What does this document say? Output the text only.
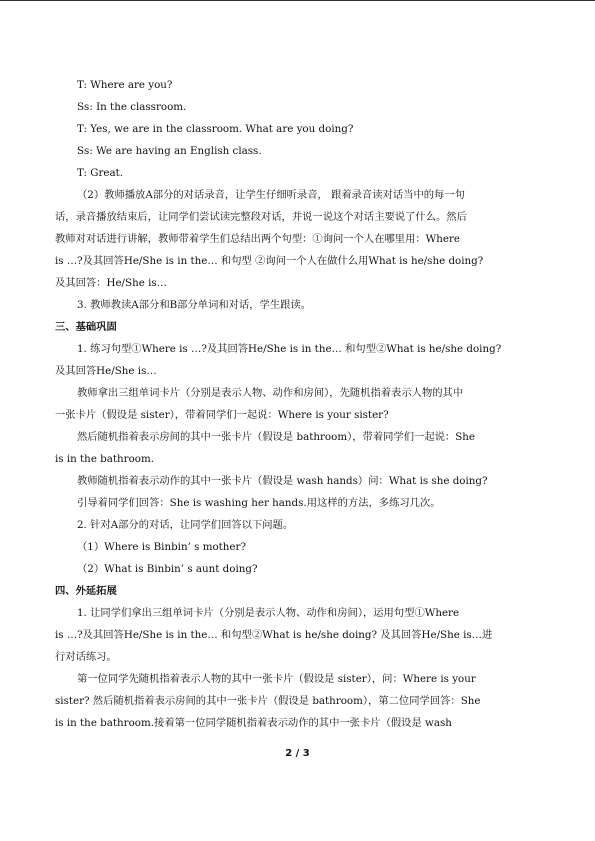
T: Where are you?

Ss: In the classroom.

T: Yes, we are in the classroom. What are you doing?

Ss: We are having an English class.

T: Great.

（2）教师播放A部分的对话录音，让学生仔细听录音， 跟着录音读对话当中的每一句

话，录音播放结束后，让同学们尝试读完整段对话，并说一说这个对话主要说了什么。然后

教师对对话进行讲解，教师带着学生们总结出两个句型：①询问一个人在哪里用：Where

is …?及其回答He/She is in the… 和句型 ②询问一个人在做什么用What is he/she doing?

及其回答：He/She is…

3. 教师教读A部分和B部分单词和对话，学生跟读。

三、基础巩固

1. 练习句型①Where is …?及其回答He/She is in the… 和句型②What is he/she doing?

及其回答He/She is…

教师拿出三组单词卡片（分别是表示人物、动作和房间），先随机指着表示人物的其中

一张卡片（假设是 sister），带着同学们一起说：Where is your sister?

然后随机指着表示房间的其中一张卡片（假设是 bathroom），带着同学们一起说：She

is in the bathroom.

教师随机指着表示动作的其中一张卡片（假设是 wash hands）问：What is she doing?

引导着同学们回答：She is washing her hands.用这样的方法，多练习几次。

2. 针对A部分的对话，让同学们回答以下问题。

（1）Where is Binbin’ s mother?

（2）What is Binbin’ s aunt doing?

四、外延拓展

1. 让同学们拿出三组单词卡片（分别是表示人物、动作和房间），运用句型①Where

is …?及其回答He/She is in the… 和句型②What is he/she doing? 及其回答He/She is…进

行对话练习。

第一位同学先随机指着表示人物的其中一张卡片（假设是 sister），问：Where is your

sister? 然后随机指着表示房间的其中一张卡片（假设是 bathroom），第二位同学回答：She

is in the bathroom.接着第一位同学随机指着表示动作的其中一张卡片（假设是 wash

2 / 3
